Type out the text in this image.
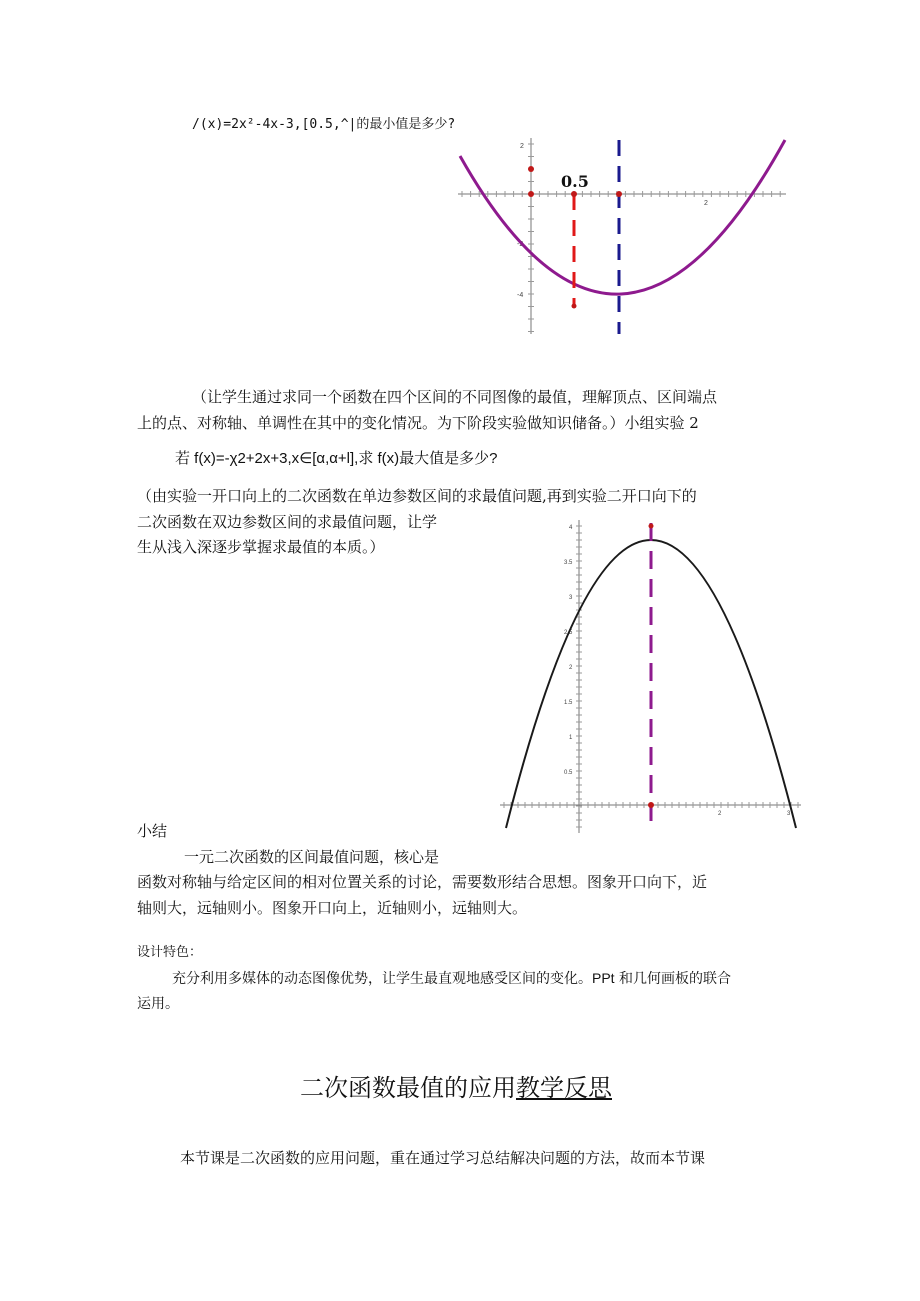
/(x)=2x²-4x-3,[0.5,^|的最小值是多少?
2
-2
-4
2
0.5
（让学生通过求同一个函数在四个区间的不同图像的最值，理解顶点、区间端点
上的点、对称轴、单调性在其中的变化情况。为下阶段实验做知识储备。）小组实验 2
若 f(x)=-χ2+2x+3,x∈[α,α+l],求 f(x)最大值是多少?
（由实验一开口向上的二次函数在单边参数区间的求最值问题,再到实验二开口向下的
二次函数在双边参数区间的求最值问题，让学
生从浅入深逐步掌握求最值的本质。）
4
3.5
3
2.5
2
1.5
1
0.5
2	3
小结
一元二次函数的区间最值问题，核心是
函数对称轴与给定区间的相对位置关系的讨论，需要数形结合思想。图象开口向下，近
轴则大，远轴则小。图象开口向上，近轴则小，远轴则大。
设计特色：
充分利用多媒体的动态图像优势，让学生最直观地感受区间的变化。PPt 和几何画板的联合
运用。
二次函数最值的应用教学反思
本节课是二次函数的应用问题，重在通过学习总结解决问题的方法，故而本节课
